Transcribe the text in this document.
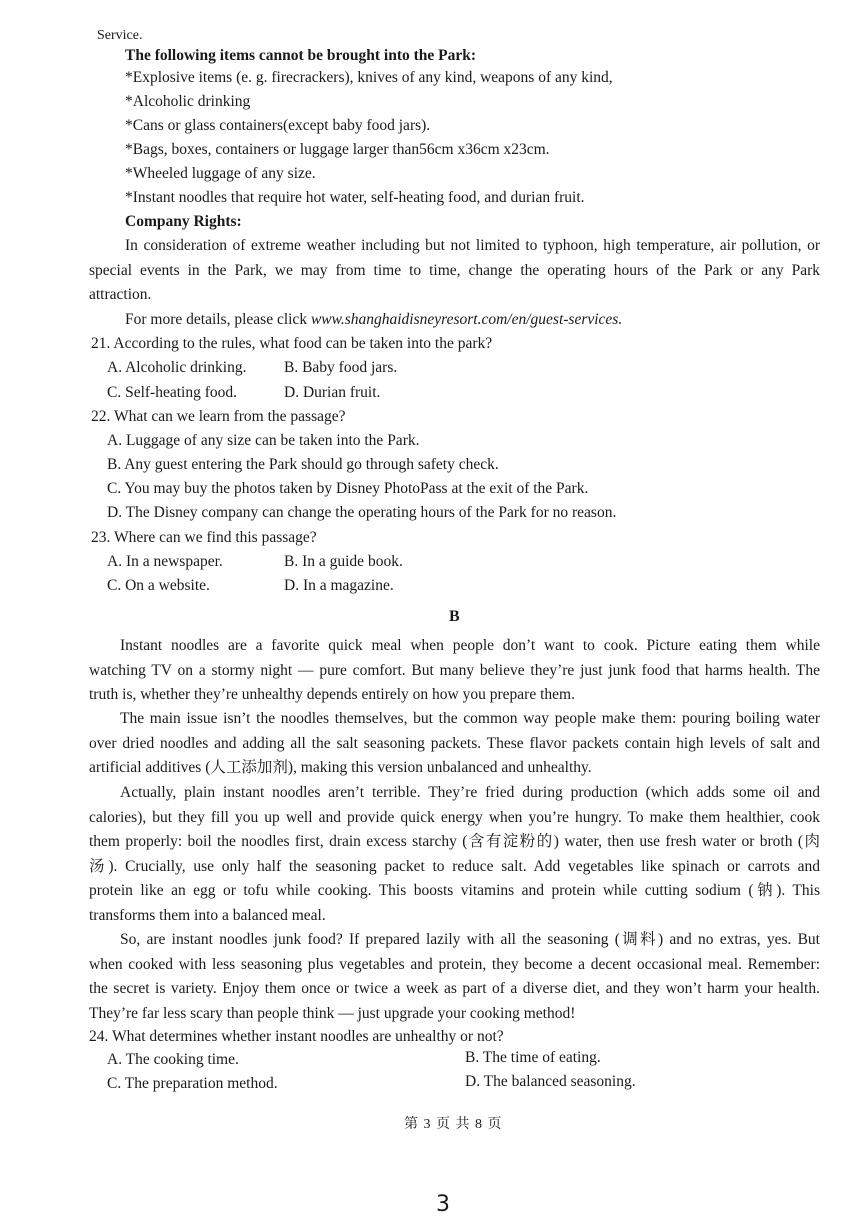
Service.
The following items cannot be brought into the Park:
*Explosive items (e. g. firecrackers), knives of any kind, weapons of any kind,
*Alcoholic drinking
*Cans or glass containers(except baby food jars).
*Bags, boxes, containers or luggage larger than56cm x36cm x23cm.
*Wheeled luggage of any size.
*Instant noodles that require hot water, self-heating food, and durian fruit.
Company Rights:
In consideration of extreme weather including but not limited to typhoon, high temperature, air pollution, or
special events in the Park, we may from time to time, change the operating hours of the Park or any Park
attraction.
For more details, please click www.shanghaidisneyresort.com/en/guest-services.
21. According to the rules, what food can be taken into the park?
A. Alcoholic drinking. B. Baby food jars.
C. Self-heating food.	D. Durian fruit.
22. What can we learn from the passage?
A. Luggage of any size can be taken into the Park.
B. Any guest entering the Park should go through safety check.
C. You may buy the photos taken by Disney PhotoPass at the exit of the Park.
D. The Disney company can change the operating hours of the Park for no reason.
23. Where can we find this passage?
A. In a newspaper.	B. In a guide book.
C. On a website.	D. In a magazine.
B
Instant noodles are a favorite quick meal when people don’t want to cook. Picture eating them while
watching TV on a stormy night — pure comfort. But many believe they’re just junk food that harms health. The
truth is, whether they’re unhealthy depends entirely on how you prepare them.
The main issue isn’t the noodles themselves, but the common way people make them: pouring boiling water
over dried noodles and adding all the salt seasoning packets. These flavor packets contain high levels of salt and
artificial additives (人工添加剂), making this version unbalanced and unhealthy.
Actually, plain instant noodles aren’t terrible. They’re fried during production (which adds some oil and
calories), but they fill you up well and provide quick energy when you’re hungry. To make them healthier, cook
them properly: boil the noodles first, drain excess starchy (含有淀粉的) water, then use fresh water or broth (肉
汤). Crucially, use only half the seasoning packet to reduce salt. Add vegetables like spinach or carrots and
protein like an egg or tofu while cooking. This boosts vitamins and protein while cutting sodium (钠). This
transforms them into a balanced meal.
So, are instant noodles junk food? If prepared lazily with all the seasoning (调料) and no extras, yes. But
when cooked with less seasoning plus vegetables and protein, they become a decent occasional meal. Remember:
the secret is variety. Enjoy them once or twice a week as part of a diverse diet, and they won’t harm your health.
They’re far less scary than people think — just upgrade your cooking method!
24. What determines whether instant noodles are unhealthy or not?
A. The cooking time.	B. The time of eating.
C. The preparation method.	D. The balanced seasoning.
第 3 页 共 8 页
3
